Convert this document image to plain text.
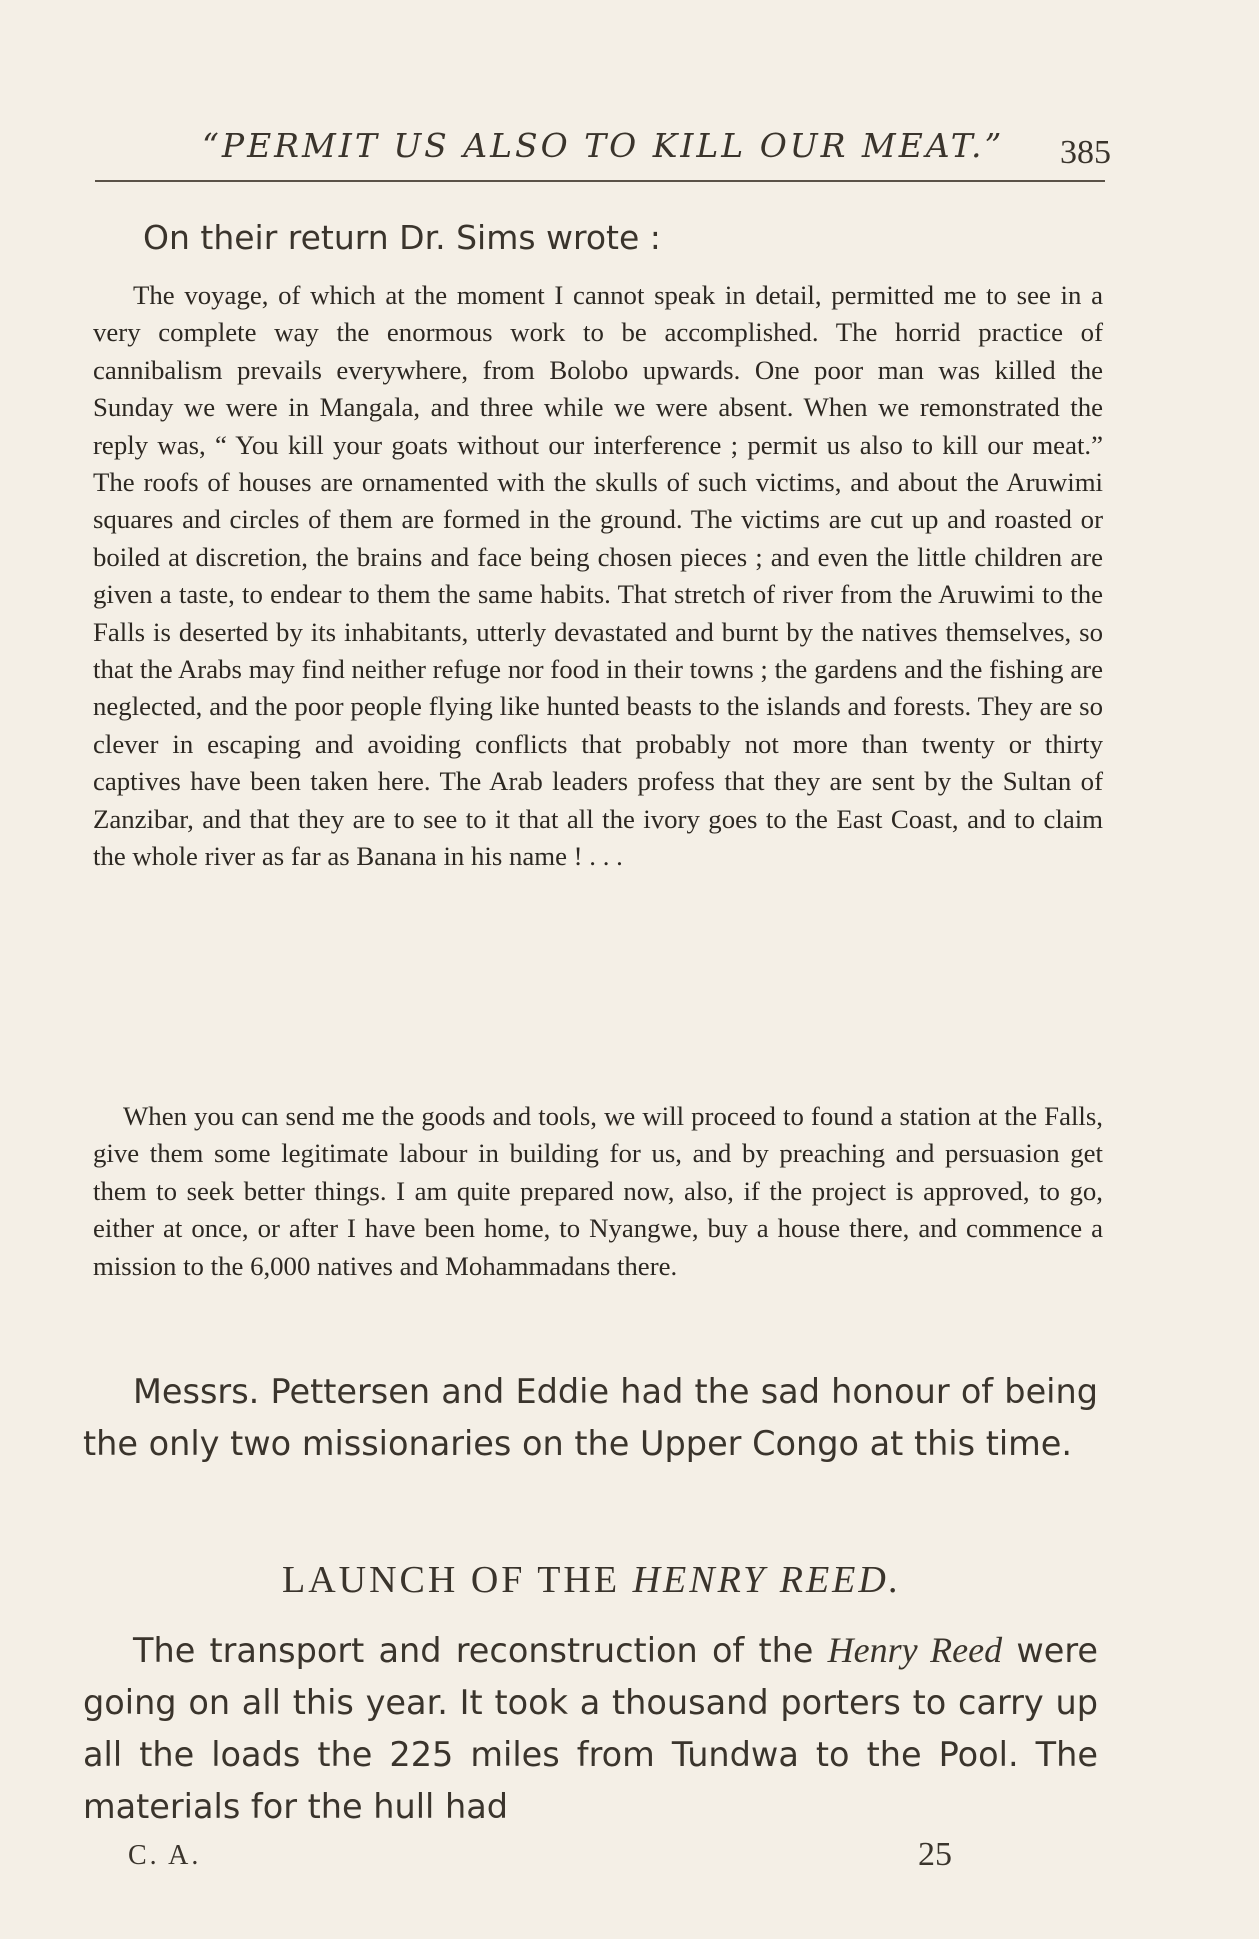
“PERMIT US ALSO TO KILL OUR MEAT.” 385

On their return Dr. Sims wrote :

The voyage, of which at the moment I cannot speak in detail, permitted me to see in a very complete way the enormous work to be accomplished. The horrid practice of cannibalism prevails everywhere, from Bolobo upwards. One poor man was killed the Sunday we were in Mangala, and three while we were absent. When we remonstrated the reply was, “ You kill your goats without our interference ; permit us also to kill our meat.” The roofs of houses are ornamented with the skulls of such victims, and about the Aruwimi squares and circles of them are formed in the ground. The victims are cut up and roasted or boiled at discretion, the brains and face being chosen pieces ; and even the little children are given a taste, to endear to them the same habits. That stretch of river from the Aruwimi to the Falls is deserted by its inhabitants, utterly devastated and burnt by the natives themselves, so that the Arabs may find neither refuge nor food in their towns ; the gardens and the fishing are neglected, and the poor people flying like hunted beasts to the islands and forests. They are so clever in escaping and avoiding conflicts that probably not more than twenty or thirty captives have been taken here. The Arab leaders profess that they are sent by the Sultan of Zanzibar, and that they are to see to it that all the ivory goes to the East Coast, and to claim the whole river as far as Banana in his name ! . . .

When you can send me the goods and tools, we will proceed to found a station at the Falls, give them some legitimate labour in building for us, and by preaching and persuasion get them to seek better things. I am quite prepared now, also, if the project is approved, to go, either at once, or after I have been home, to Nyangwe, buy a house there, and commence a mission to the 6,000 natives and Mohammadans there.

Messrs. Pettersen and Eddie had the sad honour of being the only two missionaries on the Upper Congo at this time.

LAUNCH OF THE HENRY REED.

The transport and reconstruction of the Henry Reed were going on all this year. It took a thousand porters to carry up all the loads the 225 miles from Tundwa to the Pool. The materials for the hull had

C. A.	25
